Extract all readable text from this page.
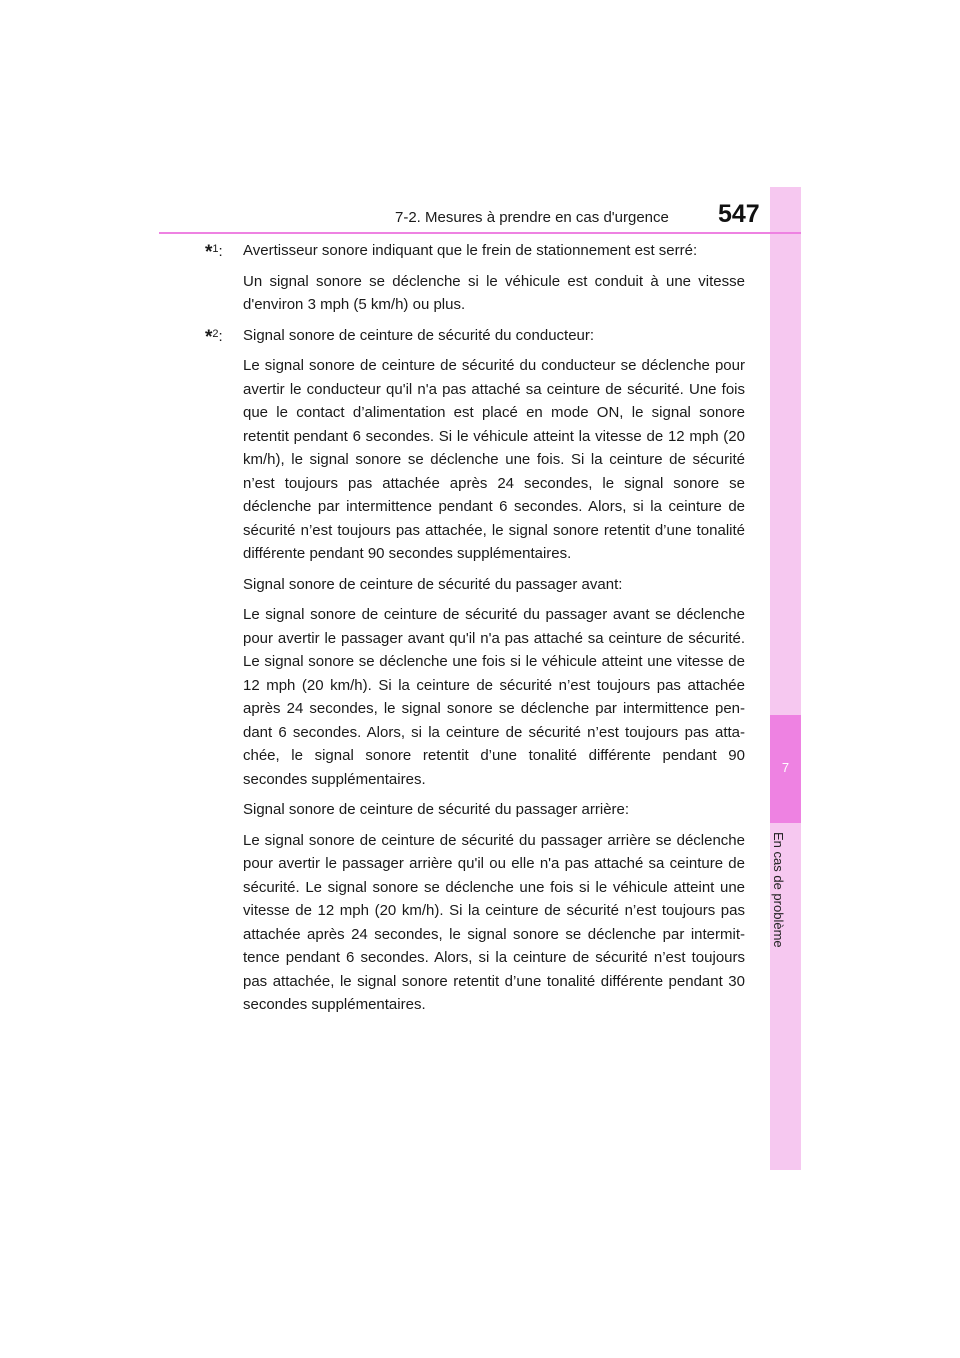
7
En cas de problème
7-2. Mesures à prendre en cas d'urgence 547
*$^1$: Avertisseur sonore indiquant que le frein de stationnement est serré:

Un signal sonore se déclenche si le véhicule est conduit à une vitesse d'environ 3 mph (5 km/h) ou plus.

*$^2$: Signal sonore de ceinture de sécurité du conducteur:

Le signal sonore de ceinture de sécurité du conducteur se déclenche pour avertir le conducteur qu'il n'a pas attaché sa ceinture de sécurité. Une fois que le contact d’alimentation est placé en mode ON, le signal sonore retentit pendant 6 secondes. Si le véhicule atteint la vitesse de 12 mph (20 km/h), le signal sonore se déclenche une fois. Si la ceinture de sécurité n’est toujours pas attachée après 24 secondes, le signal sonore se déclenche par intermittence pendant 6 secondes. Alors, si la ceinture de sécurité n’est toujours pas attachée, le signal sonore retentit d’une tonalité différente pendant 90 secondes supplémentaires.

Signal sonore de ceinture de sécurité du passager avant:

Le signal sonore de ceinture de sécurité du passager avant se déclenche pour avertir le passager avant qu'il n'a pas attaché sa ceinture de sécurité. Le signal sonore se déclenche une fois si le véhicule atteint une vitesse de 12 mph (20 km/h). Si la ceinture de sécurité n’est toujours pas attachée après 24 secondes, le signal sonore se déclenche par intermittence pen-dant 6 secondes. Alors, si la ceinture de sécurité n’est toujours pas atta-chée, le signal sonore retentit d’une tonalité différente pendant 90 secondes supplémentaires.

Signal sonore de ceinture de sécurité du passager arrière:

Le signal sonore de ceinture de sécurité du passager arrière se déclenche pour avertir le passager arrière qu'il ou elle n'a pas attaché sa ceinture de sécurité. Le signal sonore se déclenche une fois si le véhicule atteint une vitesse de 12 mph (20 km/h). Si la ceinture de sécurité n’est toujours pas attachée après 24 secondes, le signal sonore se déclenche par intermit-tence pendant 6 secondes. Alors, si la ceinture de sécurité n’est toujours pas attachée, le signal sonore retentit d’une tonalité différente pendant 30 secondes supplémentaires.
